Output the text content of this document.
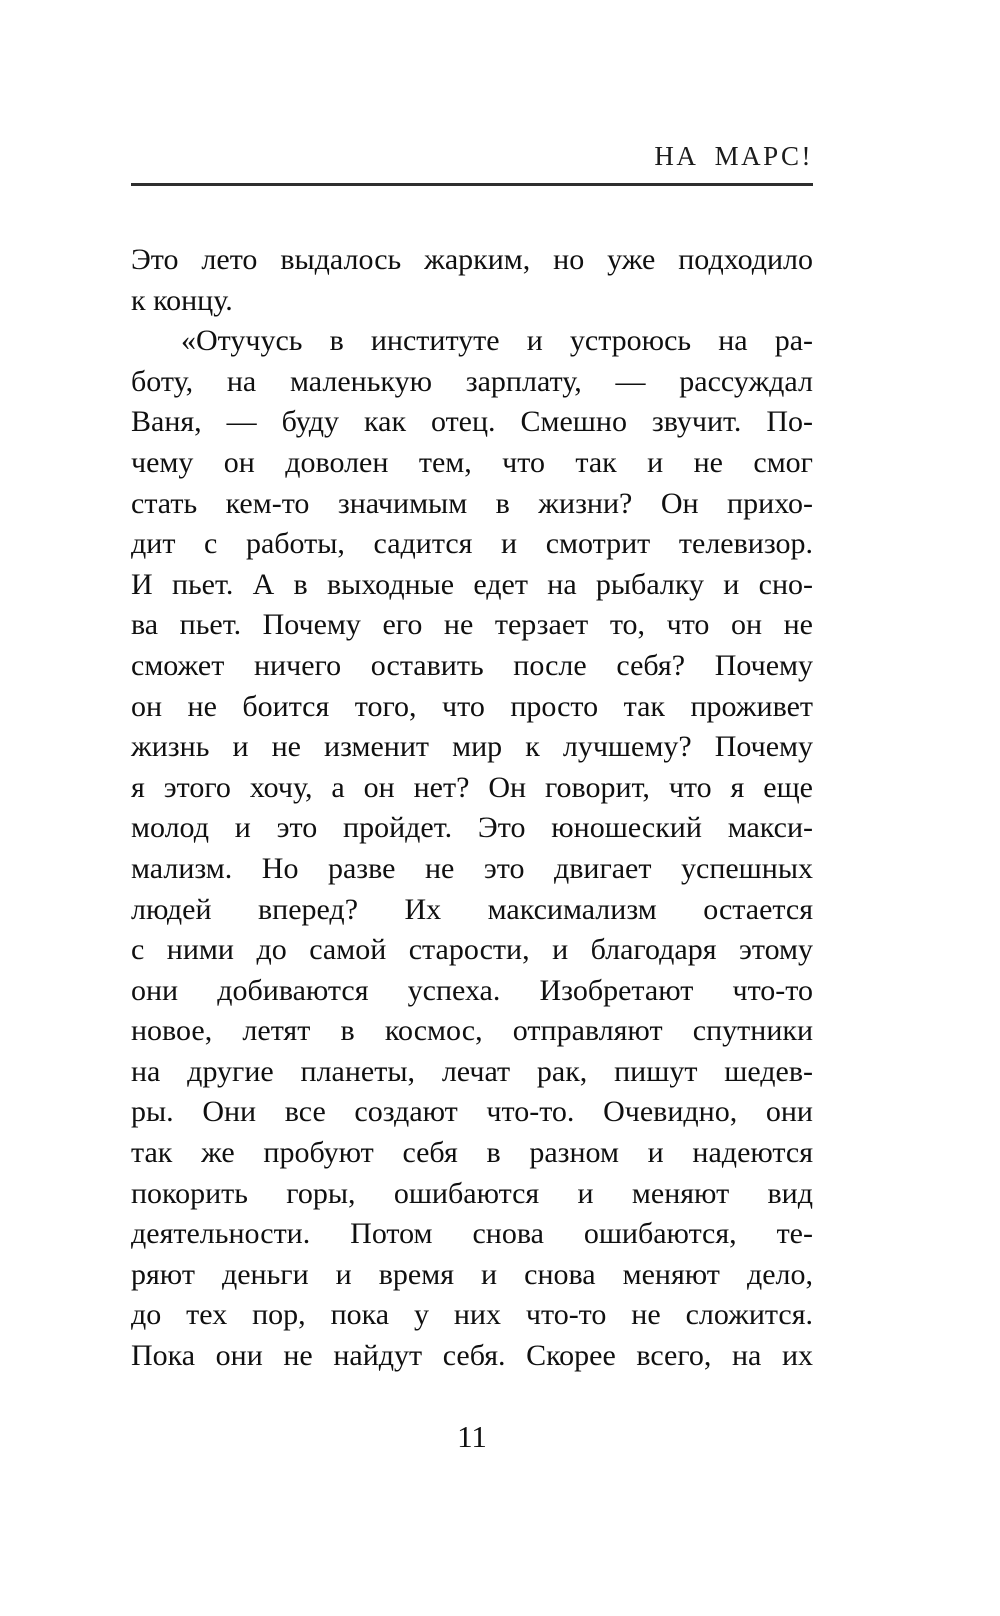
НА МАРС!
Это лето выдалось жарким, но уже подходило
к концу.
«Отучусь в институте и устроюсь на ра-
боту, на маленькую зарплату, — рассуждал
Ваня, — буду как отец. Смешно звучит. По-
чему он доволен тем, что так и не смог
стать кем-то значимым в жизни? Он прихо-
дит с работы, садится и смотрит телевизор.
И пьет. А в выходные едет на рыбалку и сно-
ва пьет. Почему его не терзает то, что он не
сможет ничего оставить после себя? Почему
он не боится того, что просто так проживет
жизнь и не изменит мир к лучшему? Почему
я этого хочу, а он нет? Он говорит, что я еще
молод и это пройдет. Это юношеский макси-
мализм. Но разве не это двигает успешных
людей вперед? Их максимализм остается
с ними до самой старости, и благодаря этому
они добиваются успеха. Изобретают что-то
новое, летят в космос, отправляют спутники
на другие планеты, лечат рак, пишут шедев-
ры. Они все создают что-то. Очевидно, они
так же пробуют себя в разном и надеются
покорить горы, ошибаются и меняют вид
деятельности. Потом снова ошибаются, те-
ряют деньги и время и снова меняют дело,
до тех пор, пока у них что-то не сложится.
Пока они не найдут себя. Скорее всего, на их
11
